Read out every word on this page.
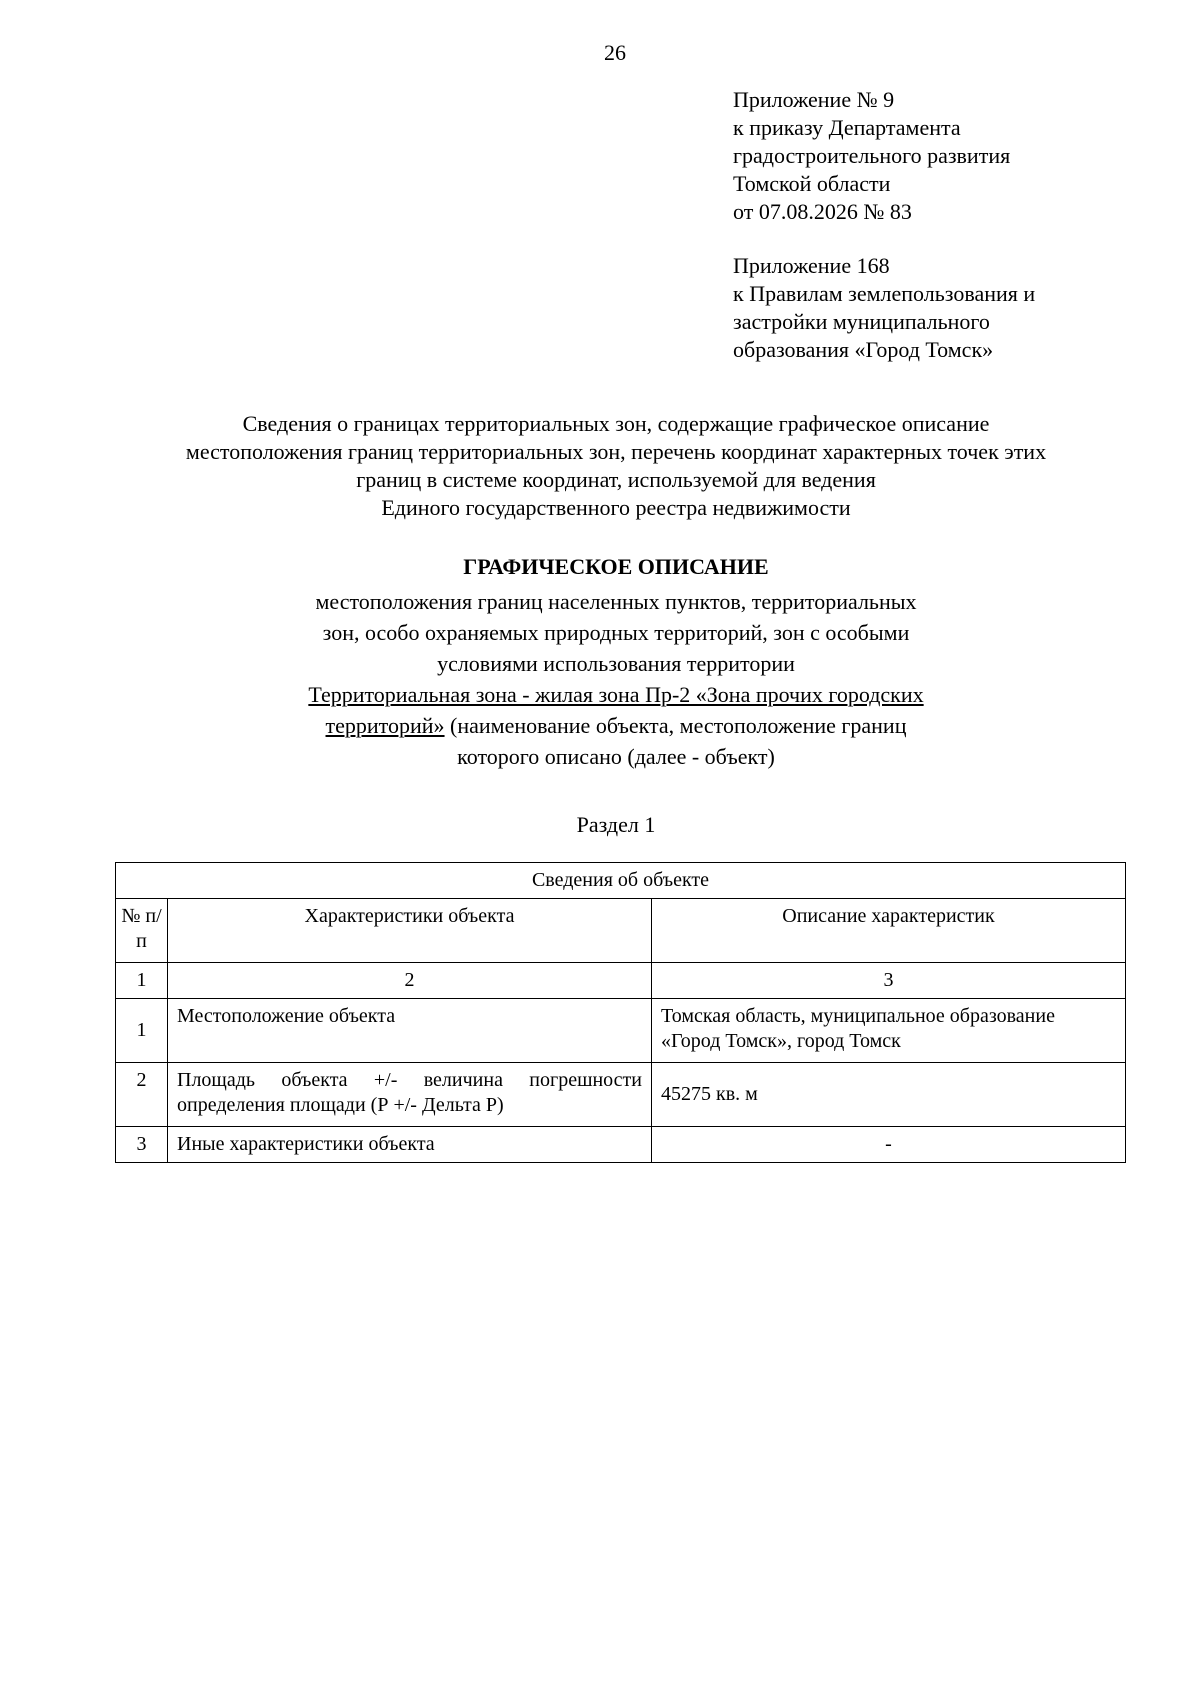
26
Приложение № 9
к приказу Департамента
градостроительного развития
Томской области
от 07.08.2026 № 83
Приложение 168
к Правилам землепользования и
застройки муниципального
образования «Город Томск»
Сведения о границах территориальных зон, содержащие графическое описание
местоположения границ территориальных зон, перечень координат характерных точек этих
границ в системе координат, используемой для ведения
Единого государственного реестра недвижимости
ГРАФИЧЕСКОЕ ОПИСАНИЕ
местоположения границ населенных пунктов, территориальных
зон, особо охраняемых природных территорий, зон с особыми
условиями использования территории
Территориальная зона - жилая зона Пр-2 «Зона прочих городских
территорий» (наименование объекта, местоположение границ
которого описано (далее - объект)
Раздел 1
Сведения об объекте		
№ п/п	Характеристики объекта	Описание характеристик
1	2	3
1	Местоположение объекта	Томская область, муниципальное образование «Город Томск», город Томск
2	Площадь объекта +/- величина погрешности определения площади (Р +/- Дельта Р)	45275 кв. м
3	Иные характеристики объекта	-
